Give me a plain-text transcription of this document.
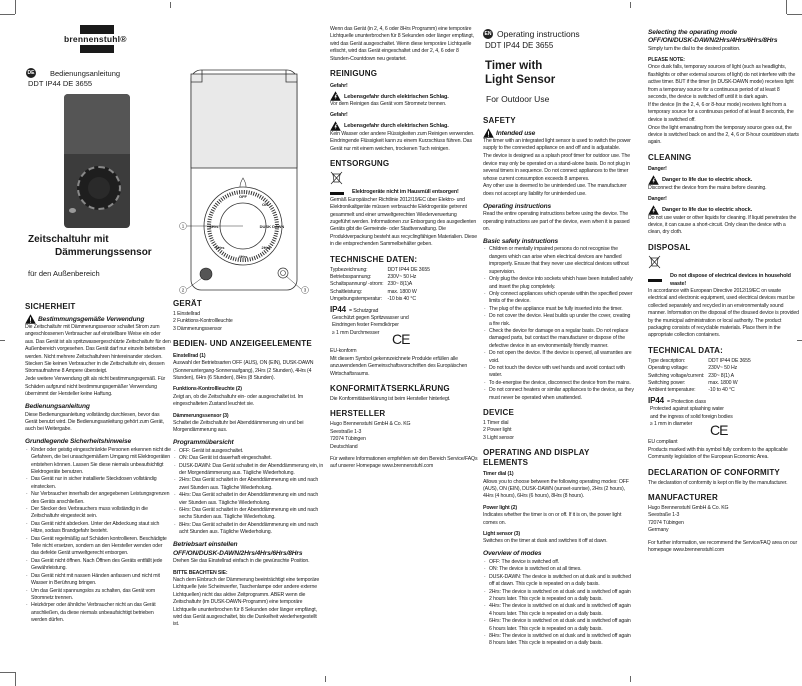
brennenstuhl®
DE Bedienungsanleitung
DDT IP44 DE 3655
Zeitschaltuhr mit
Dämmerungssensor
für den Außenbereich
OFF
ON
DUSK DAWN
2Hrs
4Hrs
6Hrs
8Hrs
1
2	3
EN Operating instructions
DDT IP44 DE 3655
Timer with
Light Sensor
For Outdoor Use
SICHERHEIT
Bestimmungsgemäße Verwendung
Die Zeitschaltuhr mit Dämmerungssensor schaltet Strom zum angeschlossenen Verbraucher auf einstellbare Weise ein oder aus. Das Gerät ist als spritzwassergeschützte Zeitschaltuhr für den Außenbereich vorgesehen. Das Gerät darf nur einzeln betrieben werden. Nicht mehrere Zeitschaltuhren hintereinander stecken. Stecken Sie keinen Verbraucher in die Zeitschaltuhr ein, dessen Stromaufnahme 8 Ampere übersteigt.
Jede weitere Verwendung gilt als nicht bestimmungsgemäß. Für Schäden aufgrund nicht bestimmungsgemäßer Verwendung übernimmt der Hersteller keine Haftung.
Bedienungsanleitung
Diese Bedienungsanleitung vollständig durchlesen, bevor das Gerät benutzt wird. Die Bedienungsanleitung gehört zum Gerät, auch bei Weitergabe.
Grundlegende Sicherheitshinweise
· Kinder oder geistig eingeschränkte Personen erkennen nicht die Gefahren, die bei unsachgemäßem Umgang mit Elektrogeräten entstehen können. Lassen Sie diese niemals unbeaufsichtigt Elektrogeräte benutzen.
· Das Gerät nur in sicher installierte Steckdosen vollständig einstecken.
· Nur Verbraucher innerhalb der angegebenen Leistungsgrenzen des Geräts anschließen.
· Der Stecker des Verbrauchers muss vollständig in die Zeitschaltuhr eingesteckt sein.
· Das Gerät nicht abdecken. Unter der Abdeckung staut sich Hitze, sodass Brandgefahr besteht.
· Das Gerät regelmäßig auf Schäden kontrollieren. Beschädigte Teile nicht ersetzen, sondern an den Hersteller wenden oder das defekte Gerät umweltgerecht entsorgen.
· Das Gerät nicht öffnen. Nach Öffnen des Geräts entfällt jede Gewährleistung.
· Das Gerät nicht mit nassen Händen anfassen und nicht mit Wasser in Berührung bringen.
· Um das Gerät spannungslos zu schalten, das Gerät vom Stromnetz trennen.
· Heizkörper oder ähnliche Verbraucher nicht an das Gerät anschließen, da diese niemals unbeaufsichtigt betrieben werden dürfen.
GERÄT
1 Einstellrad
2 Funktions-Kontrollleuchte
3 Dämmerungssensor
BEDIEN- UND ANZEIGEELEMENTE
Einstellrad (1)
Auswahl der Betriebsarten OFF (AUS), ON (EIN), DUSK-DAWN (Sonnenuntergang-Sonnenaufgang), 2Hrs (2 Stunden), 4Hrs (4 Stunden), 6Hrs (6 Stunden), 8Hrs (8 Stunden).
Funktions-Kontrollleuchte (2)
Zeigt an, ob die Zeitschaltuhr ein- oder ausgeschaltet ist. Im eingeschalteten Zustand leuchtet sie.
Dämmerungssensor (3)
Schaltet die Zeitschaltuhr bei Abenddämmerung ein und bei Morgendämmerung aus.
Programmübersicht
· OFF: Gerät ist ausgeschaltet.
· ON: Das Gerät ist dauerhaft eingeschaltet.
· DUSK-DAWN: Das Gerät schaltet in der Abenddämmerung ein, in der Morgendämmerung aus. Tägliche Wiederholung.
· 2Hrs: Das Gerät schaltet in der Abenddämmerung ein und nach zwei Stunden aus. Tägliche Wiederholung.
· 4Hrs: Das Gerät schaltet in der Abenddämmerung ein und nach vier Stunden aus. Tägliche Wiederholung.
· 6Hrs: Das Gerät schaltet in der Abenddämmerung ein und nach sechs Stunden aus. Tägliche Wiederholung.
· 8Hrs: Das Gerät schaltet in der Abenddämmerung ein und nach acht Stunden aus. Tägliche Wiederholung.
Betriebsart einstellen
OFF/ON/DUSK-DAWN/2Hrs/4Hrs/6Hrs/8Hrs
Drehen Sie das Einstellrad einfach in die gewünschte Position.
BITTE BEACHTEN SIE:
Nach dem Einbruch der Dämmerung beeinträchtigt eine temporäre Lichtquelle (wie Scheinwerfer, Taschenlampe oder andere externe Lichtquellen) nicht das aktive Zeitprogramm. ABER wenn die Zeitschaltuhr (im DUSK-DAWN-Programm) eine temporäre Lichtquelle ununterbrochen für 8 Sekunden oder länger empfängt, wird das Gerät ausgeschaltet, bis die Dunkelheit wiederhergestellt ist.
Wenn das Gerät (in 2, 4, 6 oder 8Hrs Programm) eine temporäre Lichtquelle ununterbrochen für 8 Sekunden oder länger empfängt, wird das Gerät ausgeschaltet. Wenn diese temporäre Lichtquelle erlischt, wird das Gerät eingeschaltet und der 2, 4, 6 oder 8 Stunden-Countdown neu gestartet.
REINIGUNG
Gefahr!
Lebensgefahr durch elektrischen Schlag.
Vor dem Reinigen das Gerät vom Stromnetz trennen.
Gefahr!
Lebensgefahr durch elektrischen Schlag.
Kein Wasser oder andere Flüssigkeiten zum Reinigen verwenden. Eindringende Flüssigkeit kann zu einem Kurzschluss führen. Das Gerät nur mit einem weichen, trockenen Tuch reinigen.
ENTSORGUNG
Elektrogeräte nicht im Hausmüll entsorgen!
Gemäß Europäischer Richtlinie 2012/19/EC über Elektro- und Elektronikaltgeräte müssen verbrauchte Elektrogeräte getrennt gesammelt und einer umweltgerechten Wiederverwertung zugeführt werden. Informationen zur Entsorgung des ausgedienten Geräts gibt die Gemeinde- oder Stadtverwaltung. Die Produktverpackung besteht aus recyclingfähigen Materialien. Diese in die entsprechenden Sammelbehälter geben.
TECHNISCHE DATEN:
Typbezeichnung:	DDT IP44 DE 3655
Betriebsspannung:	230V~ 50 Hz
Schaltspannung/ -strom: 230~ 8(1)A
Schaltleistung:	max. 1800 W
Umgebungstemperatur: -10 bis 40 °C
IP44 = Schutzgrad
Geschützt gegen Spritzwasser und
Eindringen fester Fremdkörper
≥ 1 mm Durchmesser CE
EU-konform
Mit diesem Symbol gekennzeichnete Produkte erfüllen alle anzuwendenden Gemeinschaftsvorschriften des Europäischen Wirtschaftsraums.
KONFORMITÄTSERKLÄRUNG
Die Konformitätserklärung ist beim Hersteller hinterlegt.
HERSTELLER
Hugo Brennenstuhl GmbH & Co. KG
Seestraße 1-3
72074 Tübingen
Deutschland
Für weitere Informationen empfehlen wir den Bereich Service/FAQs auf unserer Homepage www.brennenstuhl.com
SAFETY
Intended use
The timer with an integrated light sensor is used to switch the power supply to the connected appliance on and off and is adjustable.
The device is designed as a splash proof timer for outdoor use. The device may only be operated on a stand-alone basis. Do not plug in several timers in sequence. Do not connect appliances to the timer whose current consumption exceeds 8 amperes.
Any other use is deemed to be unintended use. The manufacturer does not accept any liability for unintended use.
Operating instructions
Read the entire operating instructions before using the device. The operating instructions are part of the device, even when it is passed on.
Basic safety instructions
· Children or mentally impaired persons do not recognise the dangers which can arise when electrical devices are handled improperly. Ensure that they never use electrical devices without supervision.
· Only plug the device into sockets which have been installed safely and insert the plug completely.
· Only connect appliances which operate within the specified power limits of the device.
· The plug of the appliance must be fully inserted into the timer.
· Do not cover the device. Heat builds up under the cover, creating a fire risk.
· Check the device for damage on a regular basis. Do not replace damaged parts, but contact the manufacturer or dispose of the defective device in an environmentally friendly manner.
· Do not open the device. If the device is opened, all warranties are void.
· Do not touch the device with wet hands and avoid contact with water.
· To de-energise the device, disconnect the device from the mains.
· Do not connect heaters or similar appliances to the device, as they must never be operated when unattended.
DEVICE
1 Timer dial
2 Power light
3 Light sensor
OPERATING AND DISPLAY ELEMENTS
Timer dial (1)
Allows you to choose between the following operating modes: OFF (AUS), ON (EIN), DUSK-DAWN (sunset-sunrise), 2Hrs (2 hours), 4Hrs (4 hours), 6Hrs (6 hours), 8Hrs (8 hours).
Power light (2)
Indicates whether the timer is on or off. If it is on, the power light comes on.
Light sensor (3)
Switches on the timer at dusk and switches it off at dawn.
Overview of modes
· OFF: The device is switched off.
· ON: The device is switched on at all times.
· DUSK-DAWN: The device is switched on at dusk and is switched off at dawn. This cycle is repeated on a daily basis.
· 2Hrs: The device is switched on at dusk and is switched off again 2 hours later. This cycle is repeated on a daily basis.
· 4Hrs: The device is switched on at dusk and is switched off again 4 hours later. This cycle is repeated on a daily basis.
· 6Hrs: The device is switched on at dusk and is switched off again 6 hours later. This cycle is repeated on a daily basis.
· 8Hrs: The device is switched on at dusk and is switched off again 8 hours later. This cycle is repeated on a daily basis.
Selecting the operating mode
OFF/ON/DUSK-DAWN/2Hrs/4Hrs/6Hrs/8Hrs
Simply turn the dial to the desired position.
PLEASE NOTE:
Once dusk falls, temporary sources of light (such as headlights, flashlights or other external sources of light) do not interfere with the active timer. BUT if the timer (in DUSK-DAWN mode) receives light from a temporary source for a continuous period of at least 8 seconds, the device is switched off until it is dark again.
If the device (in the 2, 4, 6 or 8-hour mode) receives light from a temporary source for a continuous period of at least 8 seconds, the device is switched off.
Once the light emanating from the temporary source goes out, the device is switched back on and the 2, 4, 6 or 8-hour countdown starts again.
CLEANING
Danger!
Danger to life due to electric shock.
Disconnect the device from the mains before cleaning.
Danger!
Danger to life due to electric shock.
Do not use water or other liquids for cleaning. If liquid penetrates the device, it can cause a short-circuit. Only clean the device with a clean, dry cloth.
DISPOSAL
Do not dispose of electrical devices in household waste!
In accordance with European Directive 2012/19/EC on waste electrical and electronic equipment, used electrical devices must be collected separately and recycled in an environmentally sound manner. Information on the disposal of the disused device is provided by the municipal administration or local authority. The product packaging consists of recyclable materials. Place them in the appropriate collection containers.
TECHNICAL DATA:
Type description:	DDT IP44 DE 3655
Operating voltage:	230V~ 50 Hz
Switching voltage/current: 230~ 8(1) A
Switching power:	max. 1800 W
Ambient temperature:	-10 to 40 °C
IP44 = Protection class
Protected against splashing water
and the ingress of solid foreign bodies
≥ 1 mm in diameter	CE
EU compliant
Products marked with this symbol fully conform to the applicable Community legislation of the European Economic Area.
DECLARATION OF CONFORMITY
The declaration of conformity is kept on file by the manufacturer.
MANUFACTURER
Hugo Brennenstuhl GmbH & Co. KG
Seestraße 1-3
72074 Tübingen
Germany
For further information, we recommend the Service/FAQ area on our homepage www.brennenstuhl.com
